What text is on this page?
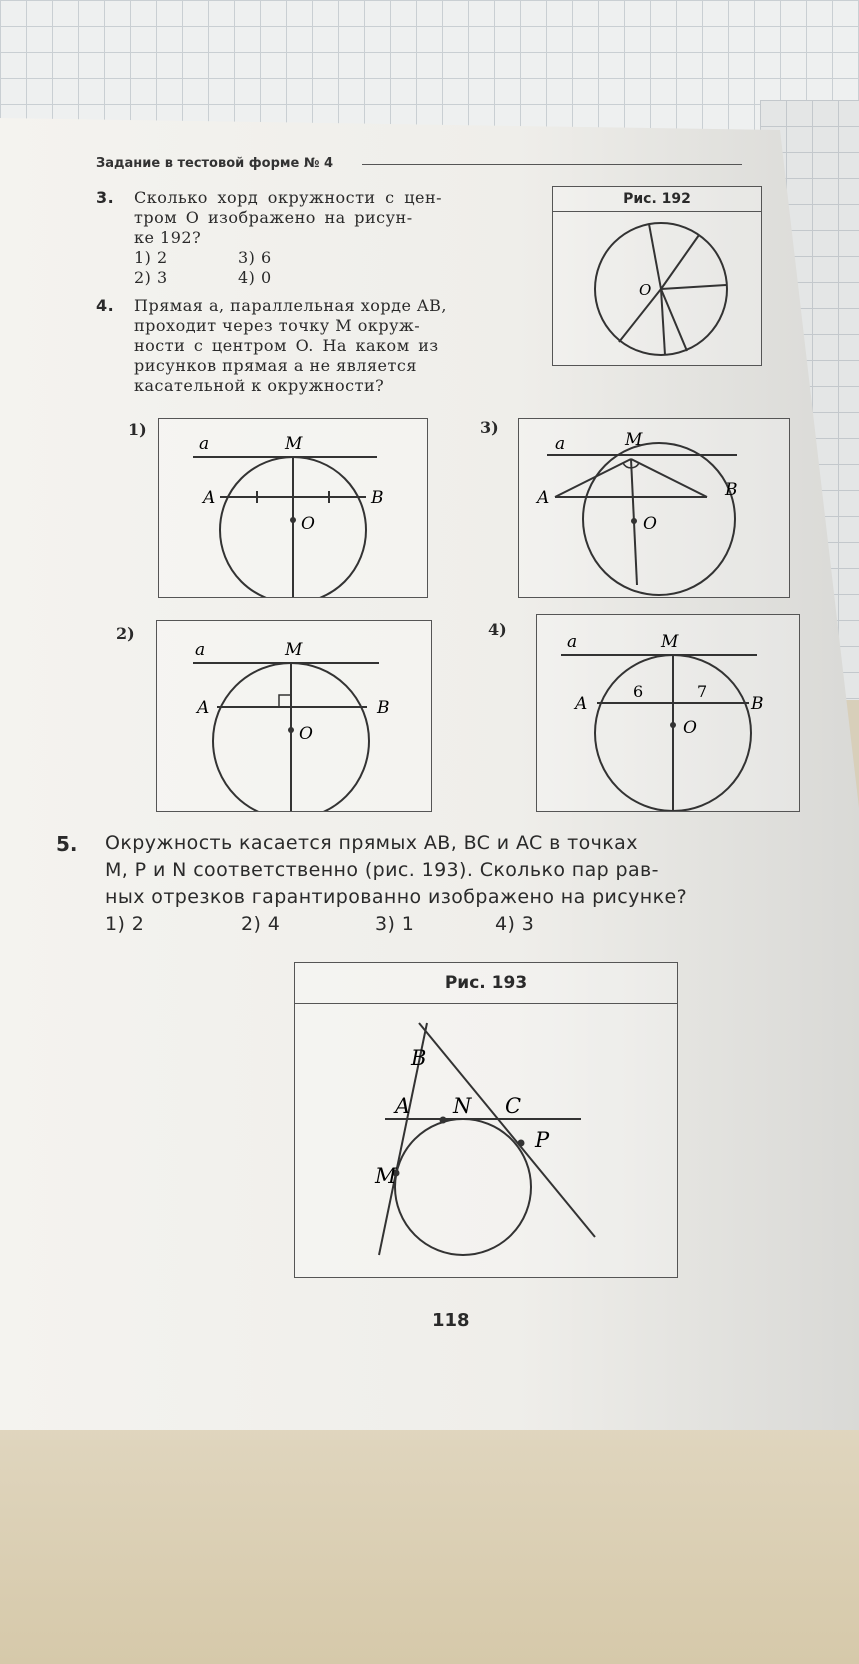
Задание в тестовой форме № 4
3. Сколько хорд окружности с цен-
тром O изображено на рисун-
ке 192?
1) 2	3) 6
2) 3	4) 0
Рис. 192
O
4. Прямая a, параллельная хорде AB,
проходит через точку M окруж-
ности с центром O. На каком из
рисунков прямая a не является
касательной к окружности?
1)
a	M
A	B
O
3)
a	M
A	B
O
2)
a	M
A	B
O
4)
a	M
A	B
6	7
O
5. Окружность касается прямых AB, BC и AC в точках
M, P и N соответственно (рис. 193). Сколько пар рав-
ных отрезков гарантированно изображено на рисунке?
1) 2	2) 4	3) 1	4) 3
Рис. 193
B
A N C
P
M
118
